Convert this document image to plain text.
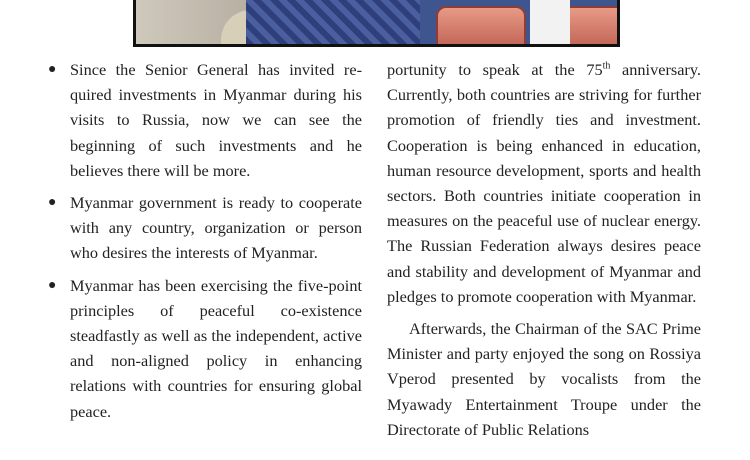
● Since the Senior General has invited required investments in Myanmar during his visits to Russia, now we can see the beginning of such investments and he believes there will be more.
● Myanmar government is ready to cooperate with any country, organization or person who desires the interests of Myanmar.
● Myanmar has been exercising the five-point principles of peaceful co-existence steadfastly as well as the independent, active and non-aligned policy in enhancing relations with countries for ensuring global peace.

portunity to speak at the 75th anniversary. Currently, both countries are striving for further promotion of friendly ties and investment. Cooperation is being enhanced in education, human resource development, sports and health sectors. Both countries initiate cooperation in measures on the peaceful use of nuclear energy. The Russian Federation always desires peace and stability and development of Myanmar and pledges to promote cooperation with Myanmar.

Afterwards, the Chairman of the SAC Prime Minister and party enjoyed the song on Rossiya Vperod presented by vocalists from the Myawady Entertainment Troupe under the Directorate of Public Relations
